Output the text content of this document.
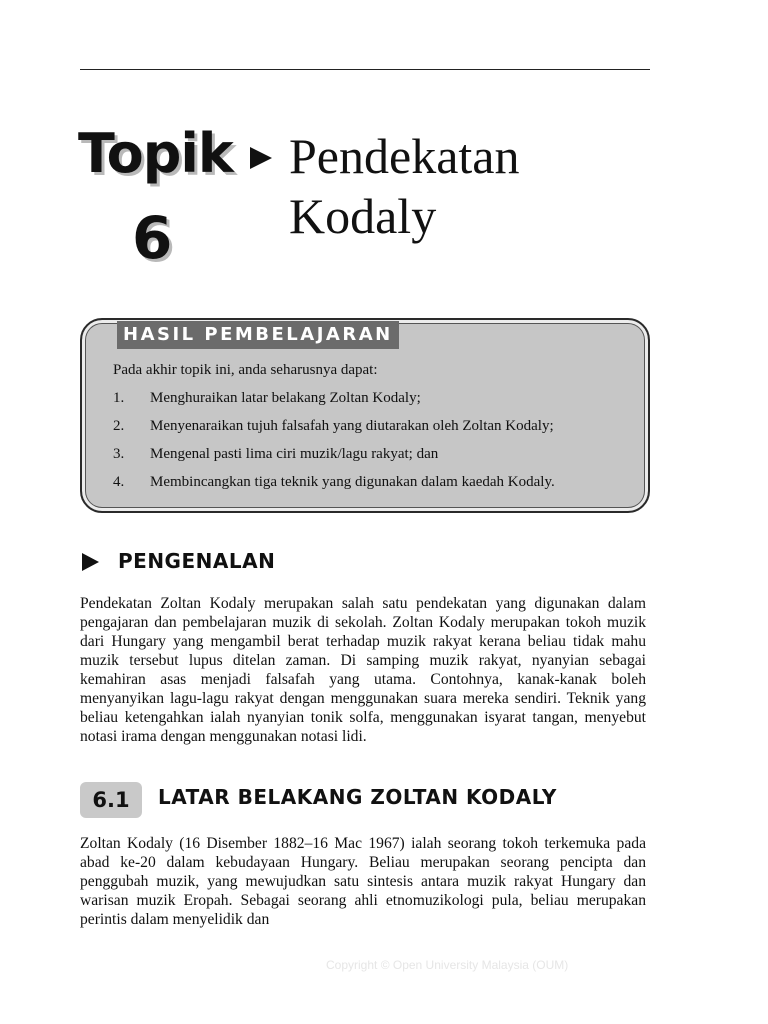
Topik
6
Pendekatan Kodaly
HASIL PEMBELAJARAN
Pada akhir topik ini, anda seharusnya dapat:
1.	Menghuraikan latar belakang Zoltan Kodaly;
2.	Menyenaraikan tujuh falsafah yang diutarakan oleh Zoltan Kodaly;
3.	Mengenal pasti lima ciri muzik/lagu rakyat; dan
4.	Membincangkan tiga teknik yang digunakan dalam kaedah Kodaly.
PENGENALAN

Pendekatan Zoltan Kodaly merupakan salah satu pendekatan yang digunakan dalam pengajaran dan pembelajaran muzik di sekolah. Zoltan Kodaly merupakan tokoh muzik dari Hungary yang mengambil berat terhadap muzik rakyat kerana beliau tidak mahu muzik tersebut lupus ditelan zaman. Di samping muzik rakyat, nyanyian sebagai kemahiran asas menjadi falsafah yang utama. Contohnya, kanak-kanak boleh menyanyikan lagu-lagu rakyat dengan menggunakan suara mereka sendiri. Teknik yang beliau ketengahkan ialah nyanyian tonik solfa, menggunakan isyarat tangan, menyebut notasi irama dengan menggunakan notasi lidi.

6.1	LATAR BELAKANG ZOLTAN KODALY

Zoltan Kodaly (16 Disember 1882–16 Mac 1967) ialah seorang tokoh terkemuka pada abad ke-20 dalam kebudayaan Hungary. Beliau merupakan seorang pencipta dan penggubah muzik, yang mewujudkan satu sintesis antara muzik rakyat Hungary dan warisan muzik Eropah. Sebagai seorang ahli etnomuzikologi pula, beliau merupakan perintis dalam menyelidik dan

Copyright © Open University Malaysia (OUM)
